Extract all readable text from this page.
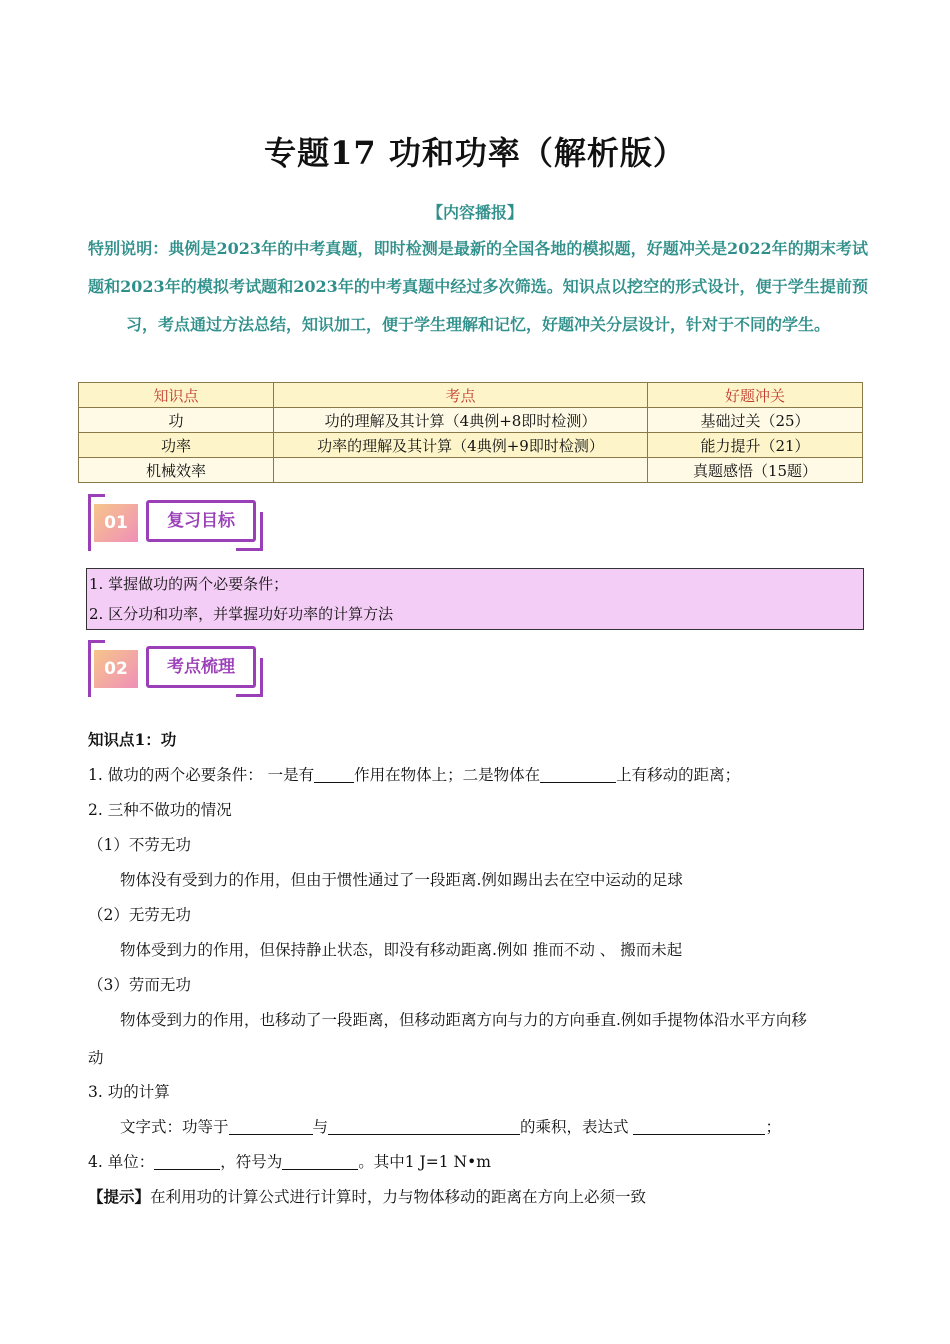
专题17 功和功率（解析版）
【内容播报】
特别说明：典例是2023年的中考真题，即时检测是最新的全国各地的模拟题，好题冲关是2022年的期末考试题和2023年的模拟考试题和2023年的中考真题中经过多次筛选。知识点以挖空的形式设计，便于学生提前预习，考点通过方法总结，知识加工，便于学生理解和记忆，好题冲关分层设计，针对于不同的学生。
知识点	考点	好题冲关
功	功的理解及其计算（4典例+8即时检测）	基础过关（25）
功率	功率的理解及其计算（4典例+9即时检测）	能力提升（21）
机械效率		真题感悟（15题）
01	复习目标
1. 掌握做功的两个必要条件；
2. 区分功和功率，并掌握功好功率的计算方法
02	考点梳理
知识点1：功
1. 做功的两个必要条件： 一是有	作用在物体上；二是物体在	上有移动的距离；
2. 三种不做功的情况
（1）不劳无功
物体没有受到力的作用，但由于惯性通过了一段距离.例如踢出去在空中运动的足球
（2）无劳无功
物体受到力的作用，但保持静止状态，即没有移动距离.例如 推而不动 、 搬而未起
（3）劳而无功
物体受到力的作用，也移动了一段距离，但移动距离方向与力的方向垂直.例如手提物体沿水平方向移
动
3. 功的计算
文字式：功等于	与	的乘积，表达式	；
4. 单位：	，符号为	。其中1 J=1 N•m
【提示】在利用功的计算公式进行计算时，力与物体移动的距离在方向上必须一致
